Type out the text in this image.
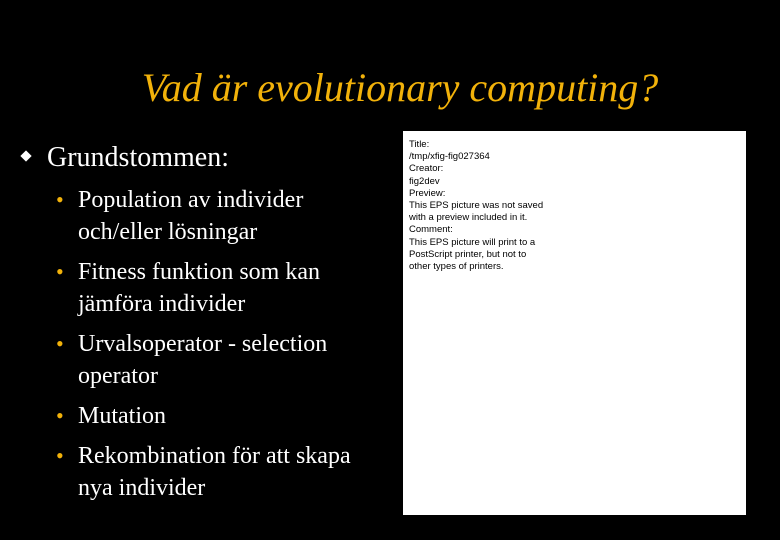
Vad är evolutionary computing?
Grundstommen:
• Population av individer och/eller lösningar
• Fitness funktion som kan jämföra individer
• Urvalsoperator - selection operator
• Mutation
• Rekombination för att skapa nya individer
Title:
/tmp/xfig-fig027364
Creator:
fig2dev
Preview:
This EPS picture was not saved
with a preview included in it.
Comment:
This EPS picture will print to a
PostScript printer, but not to
other types of printers.
